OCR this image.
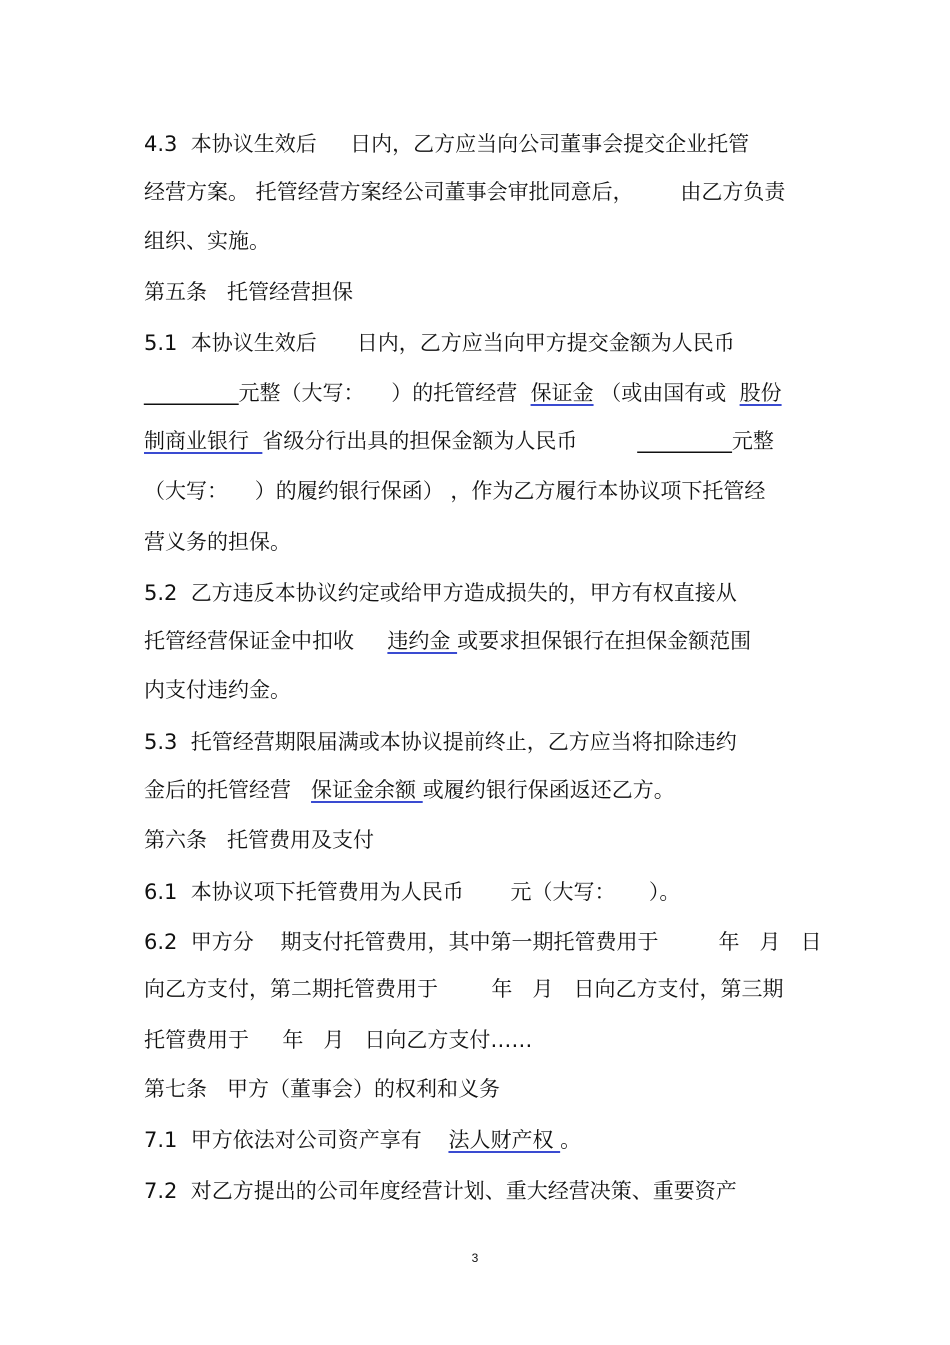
4.3  本协议生效后     日内，乙方应当向公司董事会提交企业托管

经营方案。 托管经营方案经公司董事会审批同意后，       由乙方负责

组织、实施。

第五条   托管经营担保

5.1  本协议生效后      日内，乙方应当向甲方提交金额为人民币

_________元整（大写：    ）的托管经营  保证金 （或由国有或  股份

制商业银行  省级分行出具的担保金额为人民币         _________元整

（大写：    ）的履约银行保函） ，作为乙方履行本协议项下托管经

营义务的担保。

5.2  乙方违反本协议约定或给甲方造成损失的，甲方有权直接从

托管经营保证金中扣收     违约金 或要求担保银行在担保金额范围

内支付违约金。

5.3  托管经营期限届满或本协议提前终止，乙方应当将扣除违约

金后的托管经营   保证金余额 或履约银行保函返还乙方。

第六条   托管费用及支付

6.1  本协议项下托管费用为人民币       元（大写：     ）。

6.2  甲方分    期支付托管费用，其中第一期托管费用于         年   月   日

向乙方支付，第二期托管费用于        年   月   日向乙方支付，第三期

托管费用于     年   月   日向乙方支付……

第七条   甲方（董事会）的权利和义务

7.1  甲方依法对公司资产享有    法人财产权 。

7.2  对乙方提出的公司年度经营计划、重大经营决策、重要资产

3
